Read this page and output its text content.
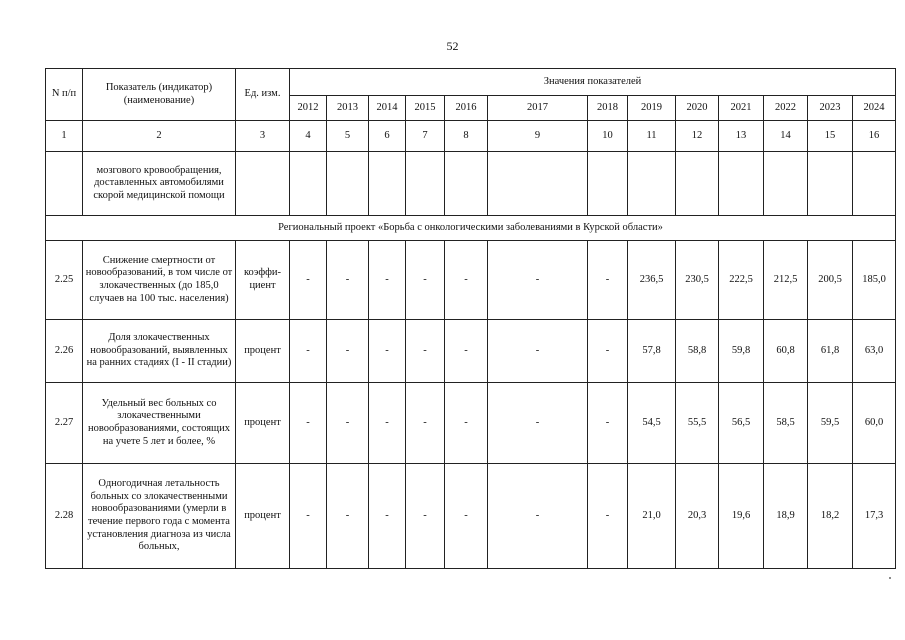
52
N п/п	Показатель (индикатор) (наименование)	Ед. изм.	Значения показателей												
			2012	2013	2014	2015	2016	2017	2018	2019	2020	2021	2022	2023	2024
1	2	3	4	5	6	7	8	9	10	11	12	13	14	15	16
	мозгового кровообращения, доставленных автомобилями скорой медицинской помощи														
Региональный проект «Борьба с онкологическими заболеваниями в Курской области»															
2.25	Снижение смертности от новообразований, в том числе от злокачественных (до 185,0 случаев на 100 тыс. населения)	коэффи-циент	-	-	-	-	-	-	-	236,5	230,5	222,5	212,5	200,5	185,0
2.26	Доля злокачественных новообразований, выявленных на ранних стадиях (I - II стадии)	процент	-	-	-	-	-	-	-	57,8	58,8	59,8	60,8	61,8	63,0
2.27	Удельный вес больных со злокачественными новообразованиями, состоящих на учете 5 лет и более, %	процент	-	-	-	-	-	-	-	54,5	55,5	56,5	58,5	59,5	60,0
2.28	Одногодичная летальность больных со злокачественными новообразованиями (умерли в течение первого года с момента установления диагноза из числа больных,	процент	-	-	-	-	-	-	-	21,0	20,3	19,6	18,9	18,2	17,3
